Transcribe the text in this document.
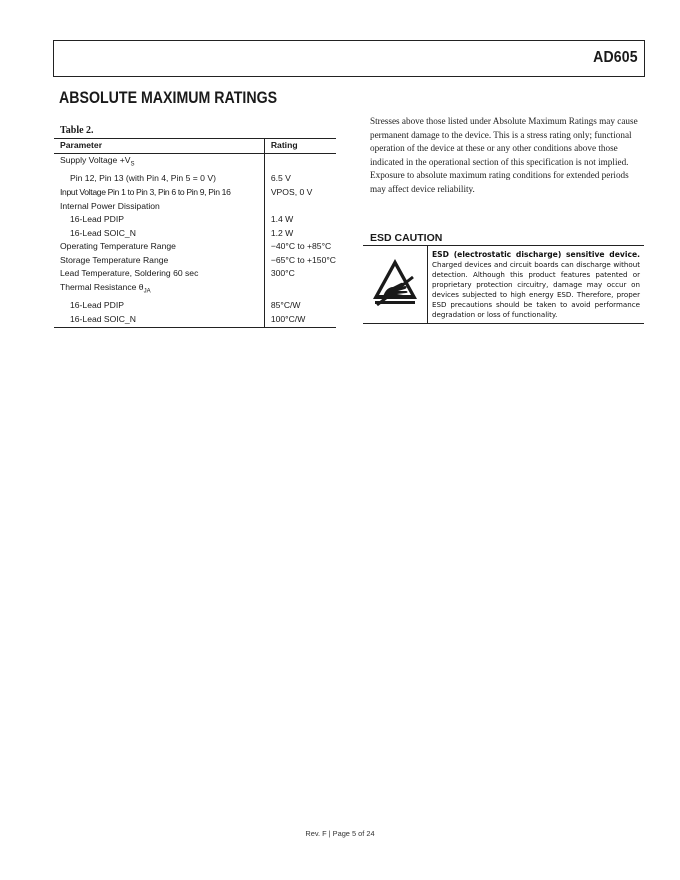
AD605
ABSOLUTE MAXIMUM RATINGS
Table 2.
Parameter	Rating
Supply Voltage $+V_S$	
Pin 12, Pin 13 (with Pin 4, Pin 5 = 0 V)	6.5 V
Input Voltage Pin 1 to Pin 3, Pin 6 to Pin 9, Pin 16	VPOS, 0 V
Internal Power Dissipation	
16-Lead PDIP	1.4 W
16-Lead SOIC_N	1.2 W
Operating Temperature Range	−40°C to +85°C
Storage Temperature Range	−65°C to +150°C
Lead Temperature, Soldering 60 sec	300°C
Thermal Resistance $\theta_{JA}$	
16-Lead PDIP	85°C/W
16-Lead SOIC_N	100°C/W
Stresses above those listed under Absolute Maximum Ratings may cause permanent damage to the device. This is a stress rating only; functional operation of the device at these or any other conditions above those indicated in the operational section of this specification is not implied. Exposure to absolute maximum rating conditions for extended periods may affect device reliability.
ESD CAUTION
ESD (electrostatic discharge) sensitive device. Charged devices and circuit boards can discharge without detection. Although this product features patented or proprietary protection circuitry, damage may occur on devices subjected to high energy ESD. Therefore, proper ESD precautions should be taken to avoid performance degradation or loss of functionality.
Rev. F | Page 5 of 24
